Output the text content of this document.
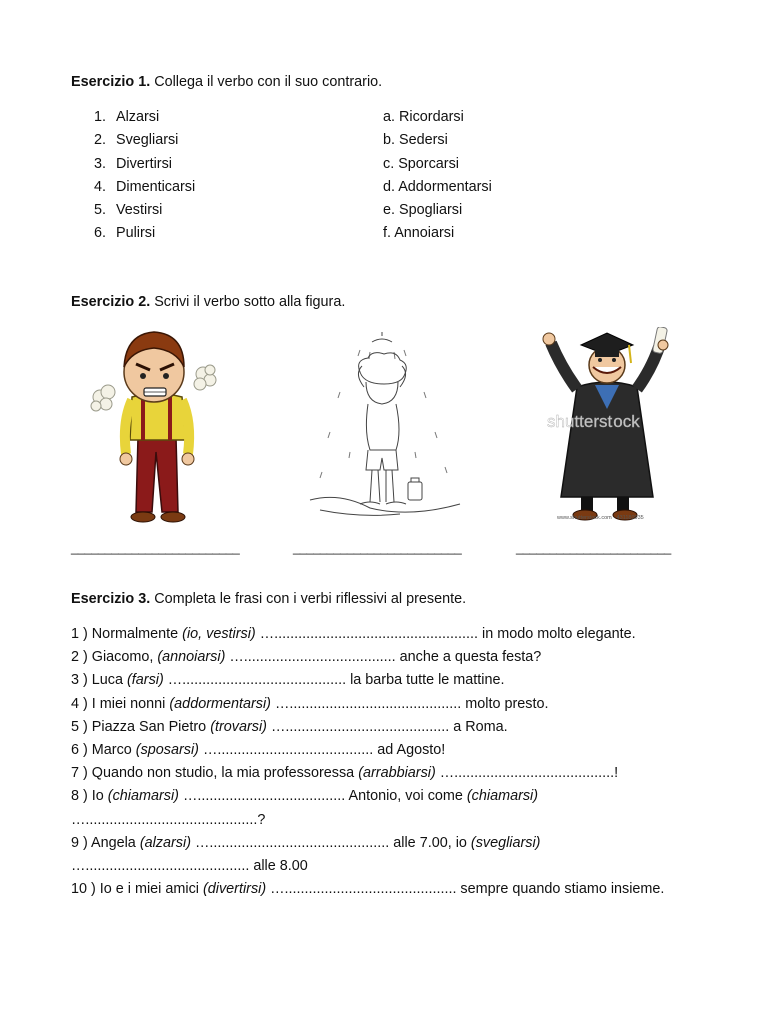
Esercizio 1. Collega il verbo con il suo contrario.
1. Alzarsi
2. Svegliarsi
3. Divertirsi
4. Dimenticarsi
5. Vestirsi
6. Pulirsi
a. Ricordarsi
b. Sedersi
c. Sporcarsi
d. Addormentarsi
e. Spogliarsi
f. Annoiarsi
Esercizio 2. Scrivi il verbo sotto alla figura.
shutterstock
www.shutterstock.com · 431180935
_________________________	_________________________	_______________________
Esercizio 3. Completa le frasi con i verbi riflessivi al presente.
1 ) Normalmente (io, vestirsi) …................................................... in modo molto elegante.
2 ) Giacomo, (annoiarsi) …...................................... anche a questa festa?
3 ) Luca (farsi) …......................................... la barba tutte le mattine.
4 ) I miei nonni (addormentarsi) …........................................... molto presto.
5 ) Piazza San Pietro (trovarsi) …......................................... a Roma.
6 ) Marco (sposarsi) …....................................... ad Agosto!
7 ) Quando non studio, la mia professoressa (arrabbiarsi) …........................................!
8 ) Io (chiamarsi) …..................................... Antonio, voi come (chiamarsi)
…...........................................?
9 ) Angela (alzarsi) …............................................. alle 7.00, io (svegliarsi)
…......................................... alle 8.00
10 ) Io e i miei amici (divertirsi) …........................................... sempre quando stiamo insieme.
